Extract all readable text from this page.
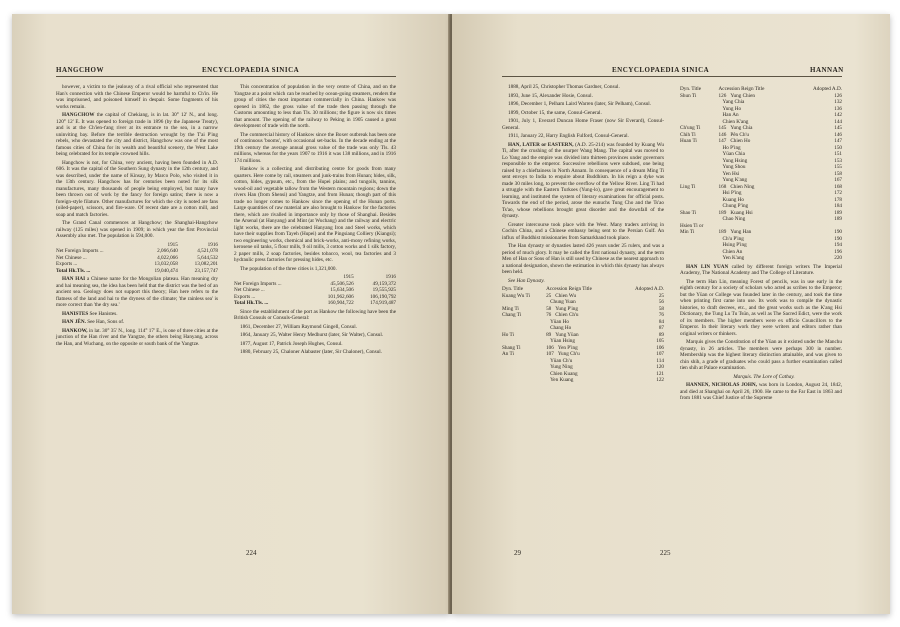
HANGCHOW	ENCYCLOPAEDIA SINICA

however, a victim to the jealousy of a rival official who represented that Han's connection with the Chinese Emperor would be harmful to Ch'in. He was imprisoned, and poisoned himself in despair. Some fragments of his works remain.

HANGCHOW the capital of Chekiang, is in lat. 30° 12' N., and long. 120° 12' E. It was opened to foreign trade in 1896 (by the Japanese Treaty), and is at the Ch'ien-t'ang river at its entrance to the sea, in a narrow uninviting bay. Before the terrible destruction wrought by the T'ai P'ing rebels, who devastated the city and district, Hangchow was one of the most famous cities of China for its wealth and beautiful scenery, the West Lake being celebrated for its temple crowned hills.

Hangchow is not, for China, very ancient, having been founded in A.D. 606. It was the capital of the Southern Sung dynasty in the 12th century, and was described, under the name of Kinsay, by Marco Polo, who visited it in the 13th century. Hangchow has for centuries been noted for its silk manufactures, many thousands of people being employed, but many have been thrown out of work by the fancy for foreign satins; there is now a foreign-style filature. Other manufactures for which the city is noted are fans (oiled-paper), scissors, and fire-ware. Of recent date are a cotton mill, and soap and match factories.

The Grand Canal commences at Hangchow; the Shanghai-Hangchow railway (125 miles) was opened in 1909; in which year the first Provincial Assembly also met. The population is 594,000.

	1915	1916
Net Foreign Imports ...	2,066,640	4,521,078
Net Chinese ...	4,022,066	5,644,532
Exports ...	13,032,058	13,082,201
Total Hk.Tls. ...	19,040,474	23,157,747

HAN HAI a Chinese name for the Mongolian plateau. Han meaning dry and hai meaning sea, the idea has been held that the district was the bed of an ancient sea. Geology does not support this theory; Han here refers to the flatness of the land and hai to the dryness of the climate; 'the rainless sea' is more correct than 'the dry sea.'

HANISTES See Hanistes.

HAN JÊN. See Han, Sons of.

HANKOW, in lat. 30° 35' N., long. 114° 17' E., is one of three cities at the junction of the Han river and the Yangtze, the others being Hanyang, across the Han, and Wuchang, on the opposite or south bank of the Yangtze.

This concentration of population in the very centre of China, and on the Yangtze at a point which can be reached by ocean-going steamers, renders the group of cities the most important commercially in China. Hankow was opened in 1862, the gross value of the trade then passing through the Customs amounting to less than Tls. 30 millions; the figure is now six times that amount. The opening of the railway to Peking in 1905 caused a great development of trade with the north.

The commercial history of Hankow since the Boxer outbreak has been one of continuous 'booms', with occasional set-backs. In the decade ending at the 19th century the average annual gross value of the trade was only Tls. 43 millions, whereas for the years 1907 to 1916 it was 138 millions, and in 1916 174 millions.

Hankow is a collecting and distributing centre for goods from many quarters. Here come by rail, steamers and junk-trains from Hunan; hides, silk, cotton, hides, gypsum, etc., from the Hupei plains; and tungoils, tannins, wood-oil and vegetable tallow from the Western mountain regions; down the rivers Han (from Shensi) and Yangtze, and from Hunan; though part of this trade no longer comes to Hankow since the opening of the Hunan ports. Large quantities of raw material are also brought to Hankow for the factories there, which are rivalled in importance only by those of Shanghai. Besides the Arsenal (at Hanyang) and Mint (at Wuchang) and the railway and electric light works, there are the celebrated Hanyang Iron and Steel works, which have their supplies from Tayeh (Hupei) and the Pingsiang Colliery (Kiangsi); two engineering works, chemical and brick-works, anti-mony refining works, kerosene oil tanks, 5 flour mills, 9 oil mills, 3 cotton works and 1 silk factory, 2 paper mills, 2 soap factories, besides tobacco, wool, tea factories and 3 hydraulic press factories for pressing hides, etc.

The population of the three cities is 1,321,000.

	1915	1916
Net Foreign Imports ...	45,506,526	49,159,372
Net Chinese ...	15,634,506	19,555,925
Exports ...	101,962,606	106,190,792
Total Hk.Tls. ...	160,904,722	174,919,487

Since the establishment of the port as Hankow the following have been the British Consuls or Consuls-General:

1861, December 27, William Raymond Gingell, Consul.

1864, January 25, Walter Henry Medhurst (later, Sir Walter), Consul.

1877, August 17, Patrick Joseph Hughes, Consul.

1880, February 25, Chaloner Alabaster (later, Sir Chaloner), Consul.

224
ENCYCLOPAEDIA SINICA	HANNAN

1888, April 25, Christopher Thomas Gardner, Consul.

1893, June 15, Alexander Hosie, Consul.

1896, December 1, Pelham Laird Warren (later, Sir Pelham), Consul.

1899, October 15, the same, Consul-General.

1901, July 1, Everard Duncan Home Fraser (now Sir Everard), Consul-General.

1911, January 22, Harry English Fulford, Consul-General.

HAN, LATER or EASTERN, (A.D. 25-214) was founded by Kuang Wu Ti, after the crushing of the usurper Wang Mang. The capital was moved to Lo Yang and the empire was divided into thirteen provinces under governors responsible to the emperor. Successive rebellions were subdued, one being raised by a chieftainess in North Annam. In consequence of a dream Ming Ti sent envoys to India to enquire about Buddhism. In his reign a dyke was made 30 miles long, to prevent the overflow of the Yellow River. Ling Ti had a struggle with the Eastern Turkoes (Yung-lo), gave great encouragement to learning, and instituted the system of literary examinations for official posts. Towards the end of the period, arose the eunuchs Tung Cho and the Ts'ao Ts'ao, whose rebellions brought great disorder and the downfall of the dynasty.

Greater intercourse took place with the West. Many traders arriving in Cochin China, and a Chinese embassy being sent to the Persian Gulf. An influx of Buddhist missionaries from Samarkhand took place.

The Han dynasty or dynasties lasted 426 years under 25 rulers, and was a period of much glory. It may be called the first national dynasty, and the term Men of Han or Sons of Han is still used by Chinese as the nearest approach to a national designation, shown the estimation in which this dynasty has always been held.

See Han Dynasty.

Dyn. Title	Accession Reign Title	Adopted A.D.
Kuang Wu Ti	25 Chien Wu	25
	Chung Yuan	56
Ming Ti	58 Yung P'ing	58
Chang Ti	76 Chien Ch'u	76
	Yüan Ho	84
	Chang Ho	87
Ho Ti	89 Yung Yüan	89
	Yüan Hsing	105
Shang Ti	106 Yen P'ing	106
An Ti	107 Yung Ch'u	107
	Yüan Ch'u	114
	Yung Ning	120
	Chien Kuang	121
	Yen Kuang	122
Dyn. Title	Accession Reign Title	Adopted A.D.
Shun Ti	126 Yung Chien	126
	Yang Chia	132
	Yung Ho	136
	Han An	142
	Chien K'ang	144
Ch'ung Ti	145 Yung Chia	145
Chih Ti	146 Pên Ch'u	146
Huan Ti	147 Chien Ho	147
	Ho P'ing	150
	Yüan Chia	151
	Yung Hsing	153
	Yung Shou	155
	Yen Hsi	158
	Yung K'ang	167
Ling Ti	168 Chien Ning	168
	Hsi P'ing	172
	Kuang Ho	178
	Chung P'ing	184
Shao Ti	189 Kuang Hsi	189
	Chao Ning	189
Hsien Ti or		
Min Ti	189 Yung Han	190
	Ch'u P'ing	190
	Hsing P'ing	194
	Chien An	196
	Yen K'ang	220

HAN LIN YUAN called by different foreign writers The Imperial Academy, The National Academy and The College of Literature.

The term Han Lin, meaning Forest of pencils, was in use early in the eighth century for a society of scholars who acted as scribes to the Emperor; but the Yüan or College was founded later in the century, and took the time when printing first came into use. Its work was to compile the dynastic histories, to draft decrees, etc., and the great works such as the K'ang Hsi Dictionary, the Tung Lu Tu Tsün, as well as The Sacred Edict, were the work of its members. The higher members were ex officio Councillors to the Emperor. In their literary work they were writers and editors rather than original writers or thinkers.

Marquis gives the Constitution of the Yüan as it existed under the Manchu dynasty, in 26 articles. The members were perhaps 300 in number. Membership was the highest literary distinction attainable, and was given to chin shih, a grade of graduates who could pass a further examination called tien shih at Palace examination.

Marquis. The Lore of Cathay.

HANNEN, NICHOLAS JOHN, was born in London, August 24, 1842, and died at Shanghai on April 26, 1900. He came to the Far East in 1863 and from 1881 was Chief Justice of the Supreme

29	225
